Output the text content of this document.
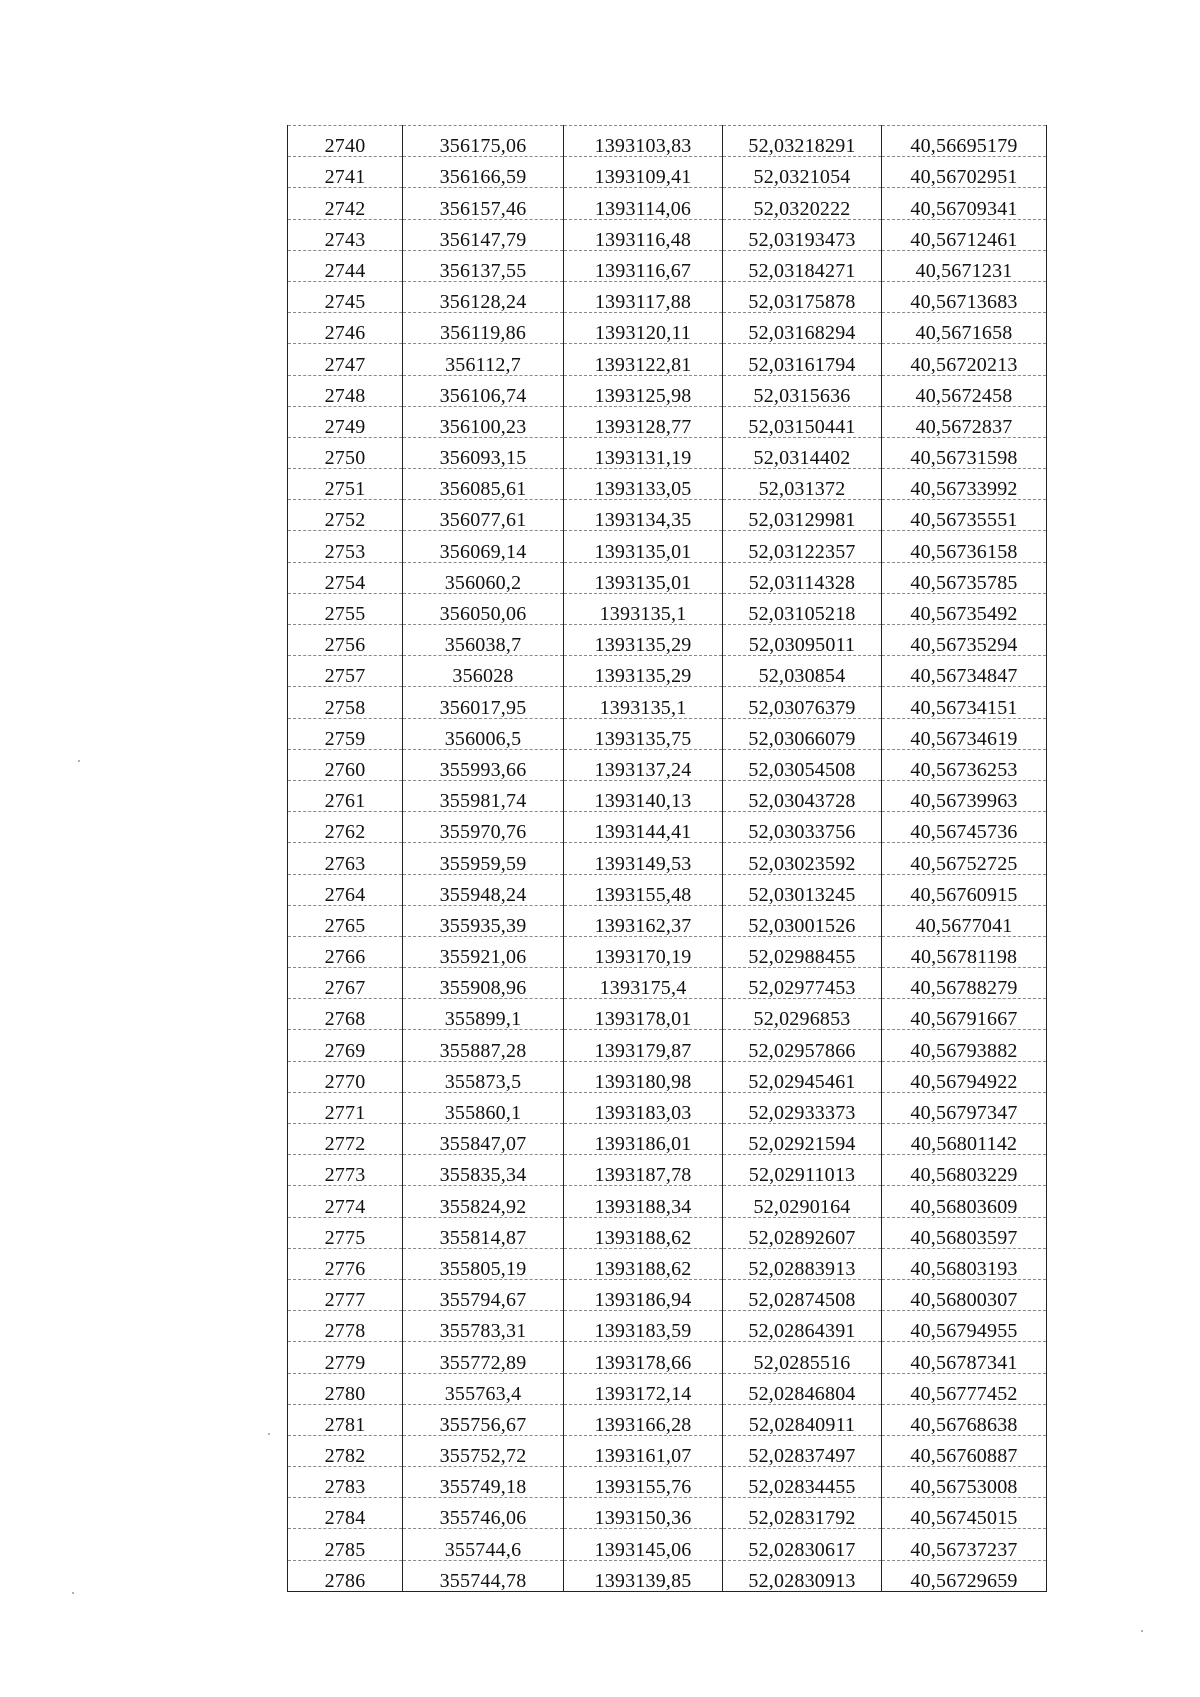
2740	356175,06	1393103,83	52,03218291	40,56695179
2741	356166,59	1393109,41	52,0321054	40,56702951
2742	356157,46	1393114,06	52,0320222	40,56709341
2743	356147,79	1393116,48	52,03193473	40,56712461
2744	356137,55	1393116,67	52,03184271	40,5671231
2745	356128,24	1393117,88	52,03175878	40,56713683
2746	356119,86	1393120,11	52,03168294	40,5671658
2747	356112,7	1393122,81	52,03161794	40,56720213
2748	356106,74	1393125,98	52,0315636	40,5672458
2749	356100,23	1393128,77	52,03150441	40,5672837
2750	356093,15	1393131,19	52,0314402	40,56731598
2751	356085,61	1393133,05	52,031372	40,56733992
2752	356077,61	1393134,35	52,03129981	40,56735551
2753	356069,14	1393135,01	52,03122357	40,56736158
2754	356060,2	1393135,01	52,03114328	40,56735785
2755	356050,06	1393135,1	52,03105218	40,56735492
2756	356038,7	1393135,29	52,03095011	40,56735294
2757	356028	1393135,29	52,030854	40,56734847
2758	356017,95	1393135,1	52,03076379	40,56734151
2759	356006,5	1393135,75	52,03066079	40,56734619
2760	355993,66	1393137,24	52,03054508	40,56736253
2761	355981,74	1393140,13	52,03043728	40,56739963
2762	355970,76	1393144,41	52,03033756	40,56745736
2763	355959,59	1393149,53	52,03023592	40,56752725
2764	355948,24	1393155,48	52,03013245	40,56760915
2765	355935,39	1393162,37	52,03001526	40,5677041
2766	355921,06	1393170,19	52,02988455	40,56781198
2767	355908,96	1393175,4	52,02977453	40,56788279
2768	355899,1	1393178,01	52,0296853	40,56791667
2769	355887,28	1393179,87	52,02957866	40,56793882
2770	355873,5	1393180,98	52,02945461	40,56794922
2771	355860,1	1393183,03	52,02933373	40,56797347
2772	355847,07	1393186,01	52,02921594	40,56801142
2773	355835,34	1393187,78	52,02911013	40,56803229
2774	355824,92	1393188,34	52,0290164	40,56803609
2775	355814,87	1393188,62	52,02892607	40,56803597
2776	355805,19	1393188,62	52,02883913	40,56803193
2777	355794,67	1393186,94	52,02874508	40,56800307
2778	355783,31	1393183,59	52,02864391	40,56794955
2779	355772,89	1393178,66	52,0285516	40,56787341
2780	355763,4	1393172,14	52,02846804	40,56777452
2781	355756,67	1393166,28	52,02840911	40,56768638
2782	355752,72	1393161,07	52,02837497	40,56760887
2783	355749,18	1393155,76	52,02834455	40,56753008
2784	355746,06	1393150,36	52,02831792	40,56745015
2785	355744,6	1393145,06	52,02830617	40,56737237
2786	355744,78	1393139,85	52,02830913	40,56729659
